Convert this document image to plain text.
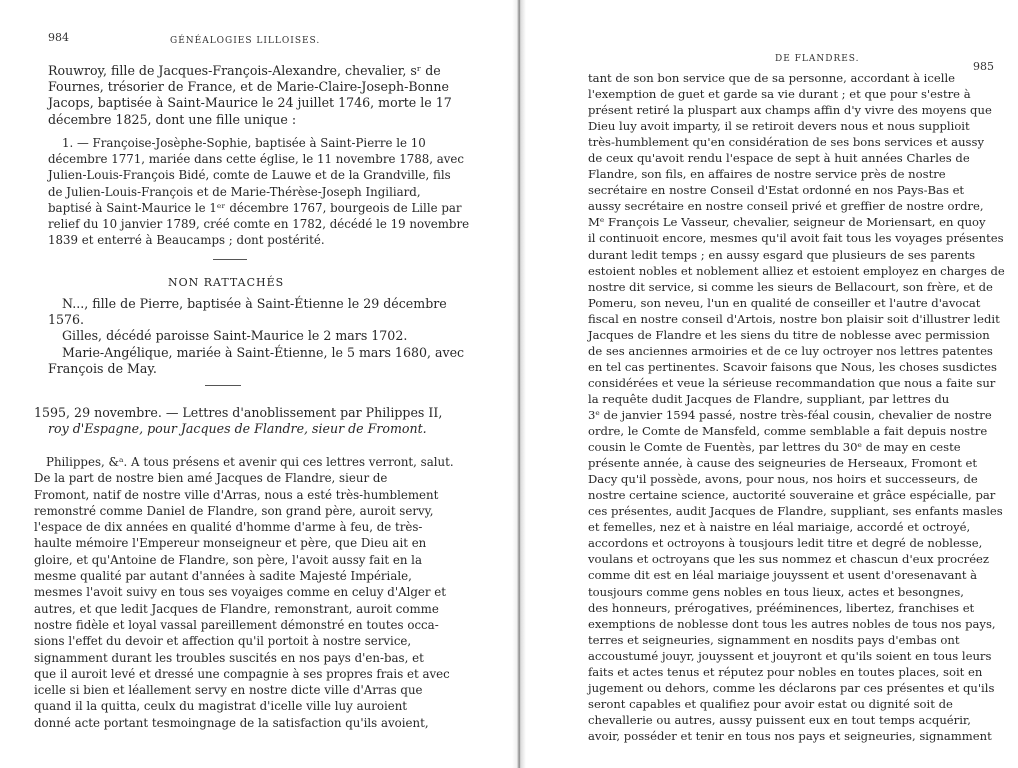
984	GÉNÉALOGIES LILLOISES.
Rouwroy, fille de Jacques-François-Alexandre, chevalier, sʳ de
Fournes, trésorier de France, et de Marie-Claire-Joseph-Bonne
Jacops, baptisée à Saint-Maurice le 24 juillet 1746, morte le 17
décembre 1825, dont une fille unique :
1. — Françoise-Josèphe-Sophie, baptisée à Saint-Pierre le 10
décembre 1771, mariée dans cette église, le 11 novembre 1788, avec
Julien-Louis-François Bidé, comte de Lauwe et de la Grandville, fils
de Julien-Louis-François et de Marie-Thérèse-Joseph Ingiliard,
baptisé à Saint-Maurice le 1ᵉʳ décembre 1767, bourgeois de Lille par
relief du 10 janvier 1789, créé comte en 1782, décédé le 19 novembre
1839 et enterré à Beaucamps ; dont postérité.
NON RATTACHÉS
N..., fille de Pierre, baptisée à Saint-Étienne le 29 décembre
1576.
Gilles, décédé paroisse Saint-Maurice le 2 mars 1702.
Marie-Angélique, mariée à Saint-Étienne, le 5 mars 1680, avec
François de May.
1595, 29 novembre. — Lettres d'anoblissement par Philippes II,
roy d'Espagne, pour Jacques de Flandre, sieur de Fromont.
Philippes, &ᵃ. A tous présens et avenir qui ces lettres verront, salut.
De la part de nostre bien amé Jacques de Flandre, sieur de
Fromont, natif de nostre ville d'Arras, nous a esté très-humblement
remonstré comme Daniel de Flandre, son grand père, auroit servy,
l'espace de dix années en qualité d'homme d'arme à feu, de très-
haulte mémoire l'Empereur monseigneur et père, que Dieu ait en
gloire, et qu'Antoine de Flandre, son père, l'avoit aussy fait en la
mesme qualité par autant d'années à sadite Majesté Impériale,
mesmes l'avoit suivy en tous ses voyaiges comme en celuy d'Alger et
autres, et que ledit Jacques de Flandre, remonstrant, auroit comme
nostre fidèle et loyal vassal pareillement démonstré en toutes occa-
sions l'effet du devoir et affection qu'il portoit à nostre service,
signamment durant les troubles suscités en nos pays d'en-bas, et
que il auroit levé et dressé une compagnie à ses propres frais et avec
icelle si bien et léallement servy en nostre dicte ville d'Arras que
quand il la quitta, ceulx du magistrat d'icelle ville luy auroient
donné acte portant tesmoingnage de la satisfaction qu'ils avoient,
DE FLANDRES.
985
tant de son bon service que de sa personne, accordant à icelle
l'exemption de guet et garde sa vie durant ; et que pour s'estre à
présent retiré la pluspart aux champs affin d'y vivre des moyens que
Dieu luy avoit imparty, il se retiroit devers nous et nous supplioit
très-humblement qu'en considération de ses bons services et aussy
de ceux qu'avoit rendu l'espace de sept à huit années Charles de
Flandre, son fils, en affaires de nostre service près de nostre
secrétaire en nostre Conseil d'Estat ordonné en nos Pays-Bas et
aussy secrétaire en nostre conseil privé et greffier de nostre ordre,
Mᵉ François Le Vasseur, chevalier, seigneur de Moriensart, en quoy
il continuoit encore, mesmes qu'il avoit fait tous les voyages présentes
durant ledit temps ; en aussy esgard que plusieurs de ses parents
estoient nobles et noblement alliez et estoient employez en charges de
nostre dit service, si comme les sieurs de Bellacourt, son frère, et de
Pomeru, son neveu, l'un en qualité de conseiller et l'autre d'avocat
fiscal en nostre conseil d'Artois, nostre bon plaisir soit d'illustrer ledit
Jacques de Flandre et les siens du titre de noblesse avec permission
de ses anciennes armoiries et de ce luy octroyer nos lettres patentes
en tel cas pertinentes. Scavoir faisons que Nous, les choses susdictes
considérées et veue la sérieuse recommandation que nous a faite sur
la requête dudit Jacques de Flandre, suppliant, par lettres du
3ᵉ de janvier 1594 passé, nostre très-féal cousin, chevalier de nostre
ordre, le Comte de Mansfeld, comme semblable a fait depuis nostre
cousin le Comte de Fuentès, par lettres du 30ᵉ de may en ceste
présente année, à cause des seigneuries de Herseaux, Fromont et
Dacy qu'il possède, avons, pour nous, nos hoirs et successeurs, de
nostre certaine science, auctorité souveraine et grâce espécialle, par
ces présentes, audit Jacques de Flandre, suppliant, ses enfants masles
et femelles, nez et à naistre en léal mariaige, accordé et octroyé,
accordons et octroyons à tousjours ledit titre et degré de noblesse,
voulans et octroyans que les sus nommez et chascun d'eux procréez
comme dit est en léal mariaige jouyssent et usent d'oresenavant à
tousjours comme gens nobles en tous lieux, actes et besongnes,
des honneurs, prérogatives, prééminences, libertez, franchises et
exemptions de noblesse dont tous les autres nobles de tous nos pays,
terres et seigneuries, signamment en nosdits pays d'embas ont
accoustumé jouyr, jouyssent et jouyront et qu'ils soient en tous leurs
faits et actes tenus et réputez pour nobles en toutes places, soit en
jugement ou dehors, comme les déclarons par ces présentes et qu'ils
seront capables et qualifiez pour avoir estat ou dignité soit de
chevallerie ou autres, aussy puissent eux en tout temps acquérir,
avoir, posséder et tenir en tous nos pays et seigneuries, signamment
